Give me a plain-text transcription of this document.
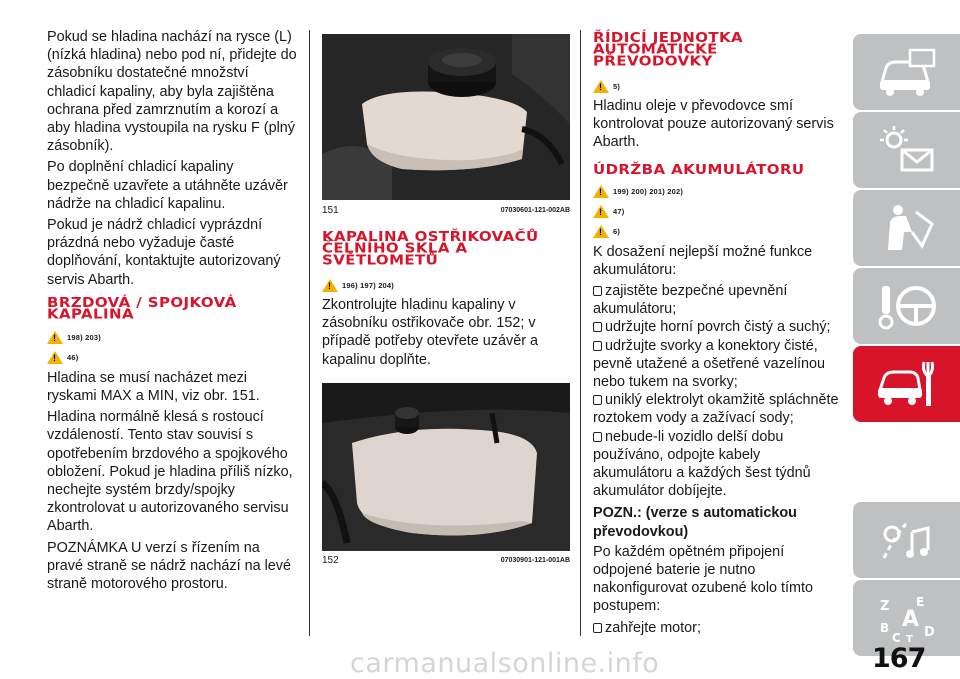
Pokud se hladina nachází na rysce (L) (nízká hladina) nebo pod ní, přidejte do zásobníku dostatečné množství chladicí kapaliny, aby byla zajištěna ochrana před zamrznutím a korozí a aby hladina vystoupila na rysku F (plný zásobník).

Po doplnění chladicí kapaliny bezpečně uzavřete a utáhněte uzávěr nádrže na chladicí kapalinu.

Pokud je nádrž chladicí vyprázdní prázdná nebo vyžaduje časté doplňování, kontaktujte autorizovaný servis Abarth.

BRZDOVÁ / SPOJKOVÁ KAPALINA
!
198) 203)
!
46)

Hladina se musí nacházet mezi ryskami MAX a MIN, viz obr. 151.

Hladina normálně klesá s rostoucí vzdáleností. Tento stav souvisí s opotřebením brzdového a spojkového obložení. Pokud je hladina příliš nízko, nechejte systém brzdy/spojky zkontrolovat u autorizovaného servisu Abarth.

POZNÁMKA U verzí s řízením na pravé straně se nádrž nachází na levé straně motorového prostoru.

151	07030601-121-002AB
KAPALINA OSTŘIKOVAČŮ ČELNÍHO SKLA A SVĚTLOMETŮ
!
196) 197) 204)

Zkontrolujte hladinu kapaliny v zásobníku ostřikovače obr. 152; v případě potřeby otevřete uzávěr a kapalinu doplňte.

152	07030901-121-001AB
ŘÍDICÍ JEDNOTKA AUTOMATICKÉ PŘEVODOVKY
!
5)

Hladinu oleje v převodovce smí kontrolovat pouze autorizovaný servis Abarth.

ÚDRŽBA AKUMULÁTORU
!
199) 200) 201) 202)
!
47)
!
6)

K dosažení nejlepší možné funkce akumulátoru:

zajistěte bezpečné upevnění akumulátoru;
udržujte horní povrch čistý a suchý;
udržujte svorky a konektory čisté, pevně utažené a ošetřené vazelínou nebo tukem na svorky;
uniklý elektrolyt okamžitě spláchněte roztokem vody a zažívací sody;
nebude-li vozidlo delší dobu používáno, odpojte kabely akumulátoru a každých šest týdnů akumulátor dobíjejte.
POZN.: (verze s automatickou převodovkou)

Po každém opětném připojení odpojené baterie je nutno nakonfigurovat ozubené kolo tímto postupem:

zahřejte motor;
Z E
A
B
C T D
167
carmanualsonline.info
